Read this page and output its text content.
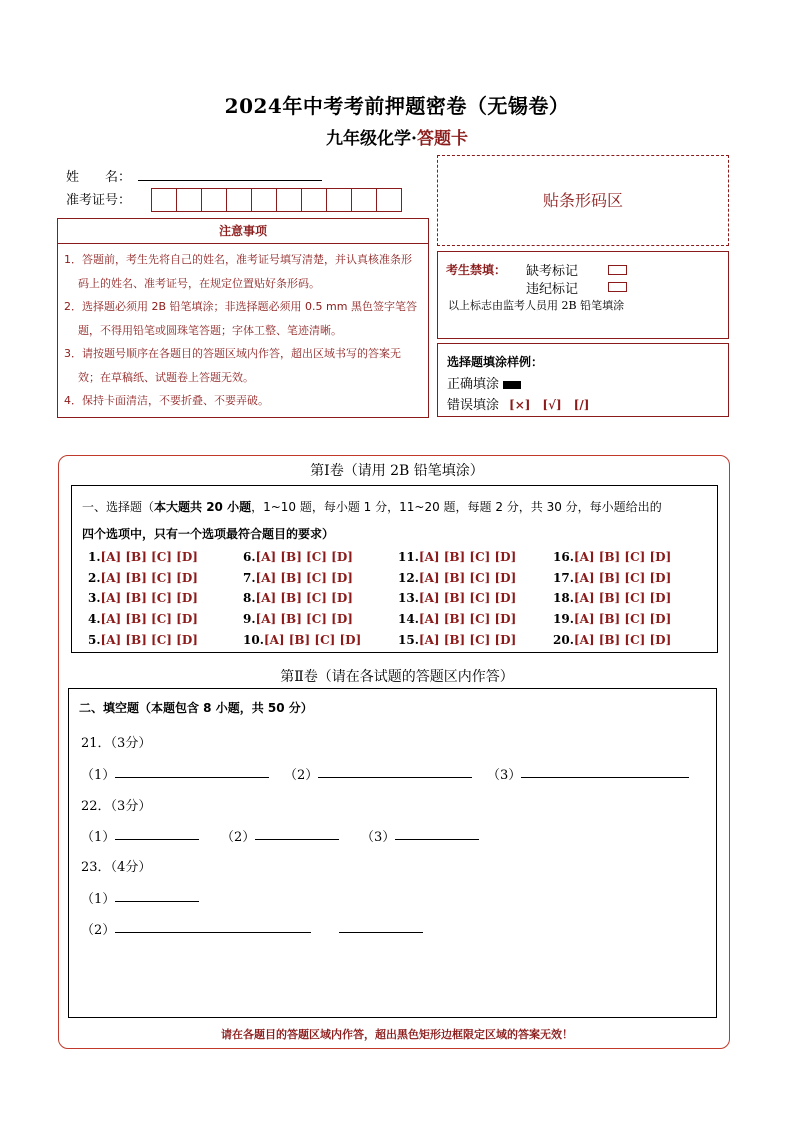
2024年中考考前押题密卷（无锡卷）
九年级化学·答题卡
姓　　名：
准考证号：
注意事项
1．答题前，考生先将自己的姓名，准考证号填写清楚，并认真核准条形码上的姓名、准考证号，在规定位置贴好条形码。
2．选择题必须用 2B 铅笔填涂；非选择题必须用 0.5 mm 黑色签字笔答题，不得用铅笔或圆珠笔答题；字体工整、笔迹清晰。
3．请按题号顺序在各题目的答题区域内作答，超出区域书写的答案无效；在草稿纸、试题卷上答题无效。
4．保持卡面清洁，不要折叠、不要弄破。
贴条形码区
考生禁填： 缺考标记
违纪标记
以上标志由监考人员用 2B 铅笔填涂
选择题填涂样例：
正确填涂
错误填涂 [×]　[√]　[/]
第Ⅰ卷（请用 2B 铅笔填涂）
一、选择题（本大题共 20 小题，1~10 题，每小题 1 分，11~20 题，每题 2 分，共 30 分，每小题给出的
四个选项中，只有一个选项最符合题目的要求）
1.[A] [B] [C] [D]	6.[A] [B] [C] [D]	11.[A] [B] [C] [D]	16.[A] [B] [C] [D]
2.[A] [B] [C] [D]	7.[A] [B] [C] [D]	12.[A] [B] [C] [D]	17.[A] [B] [C] [D]
3.[A] [B] [C] [D]	8.[A] [B] [C] [D]	13.[A] [B] [C] [D]	18.[A] [B] [C] [D]
4.[A] [B] [C] [D]	9.[A] [B] [C] [D]	14.[A] [B] [C] [D]	19.[A] [B] [C] [D]
5.[A] [B] [C] [D]	10.[A] [B] [C] [D]	15.[A] [B] [C] [D]	20.[A] [B] [C] [D]
第Ⅱ卷（请在各试题的答题区内作答）
二、填空题（本题包含 8 小题，共 50 分）
21．（3分）
（1）	（2）	（3）
22．（3分）
（1）	（2）	（3）
23．（4分）
（1）
（2）
请在各题目的答题区域内作答，超出黑色矩形边框限定区域的答案无效！
